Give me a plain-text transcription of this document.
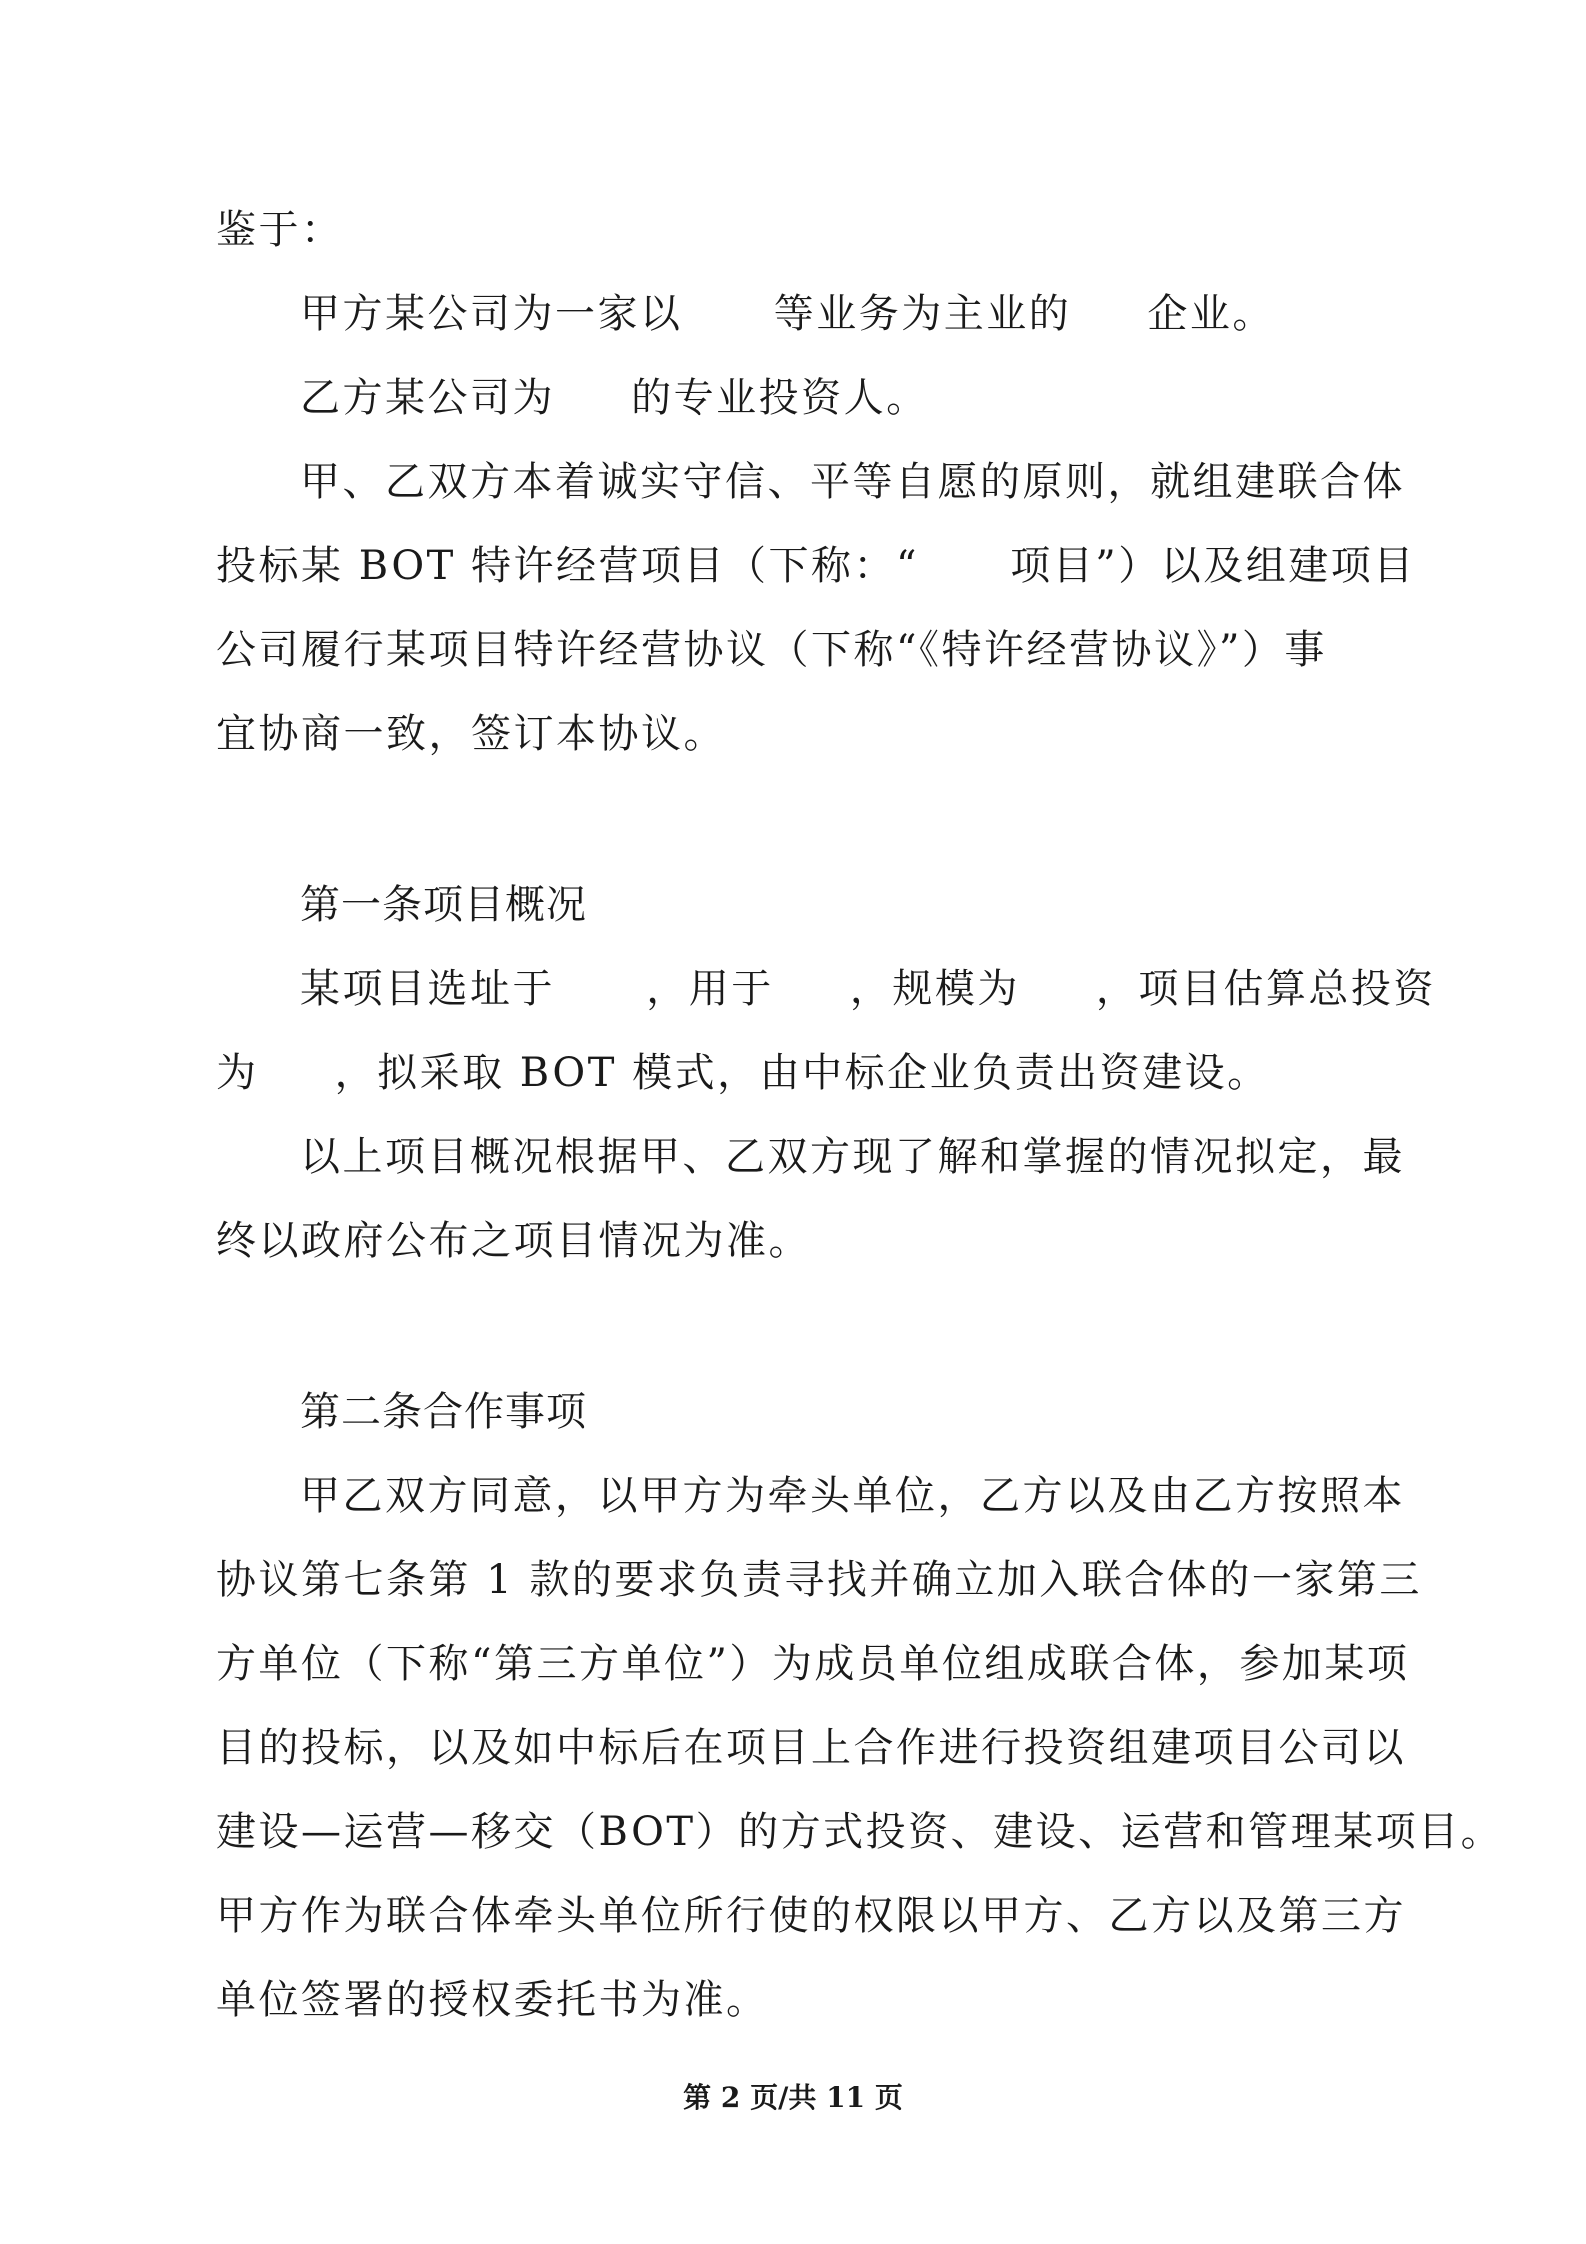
鉴于：
甲方某公司为一家以      等业务为主业的     企业。
乙方某公司为     的专业投资人。
甲、乙双方本着诚实守信、平等自愿的原则，就组建联合体
投标某 BOT 特许经营项目（下称：“      项目”）以及组建项目
公司履行某项目特许经营协议（下称“《特许经营协议》”）事
宜协商一致，签订本协议。
第一条项目概况
某项目选址于      ，用于     ，规模为     ，项目估算总投资
为     ，拟采取 BOT 模式，由中标企业负责出资建设。
以上项目概况根据甲、乙双方现了解和掌握的情况拟定，最
终以政府公布之项目情况为准。
第二条合作事项
甲乙双方同意，以甲方为牵头单位，乙方以及由乙方按照本
协议第七条第 1 款的要求负责寻找并确立加入联合体的一家第三
方单位（下称“第三方单位”）为成员单位组成联合体，参加某项
目的投标，以及如中标后在项目上合作进行投资组建项目公司以
建设—运营—移交（BOT）的方式投资、建设、运营和管理某项目。
甲方作为联合体牵头单位所行使的权限以甲方、乙方以及第三方
单位签署的授权委托书为准。
第 2 页/共 11 页
